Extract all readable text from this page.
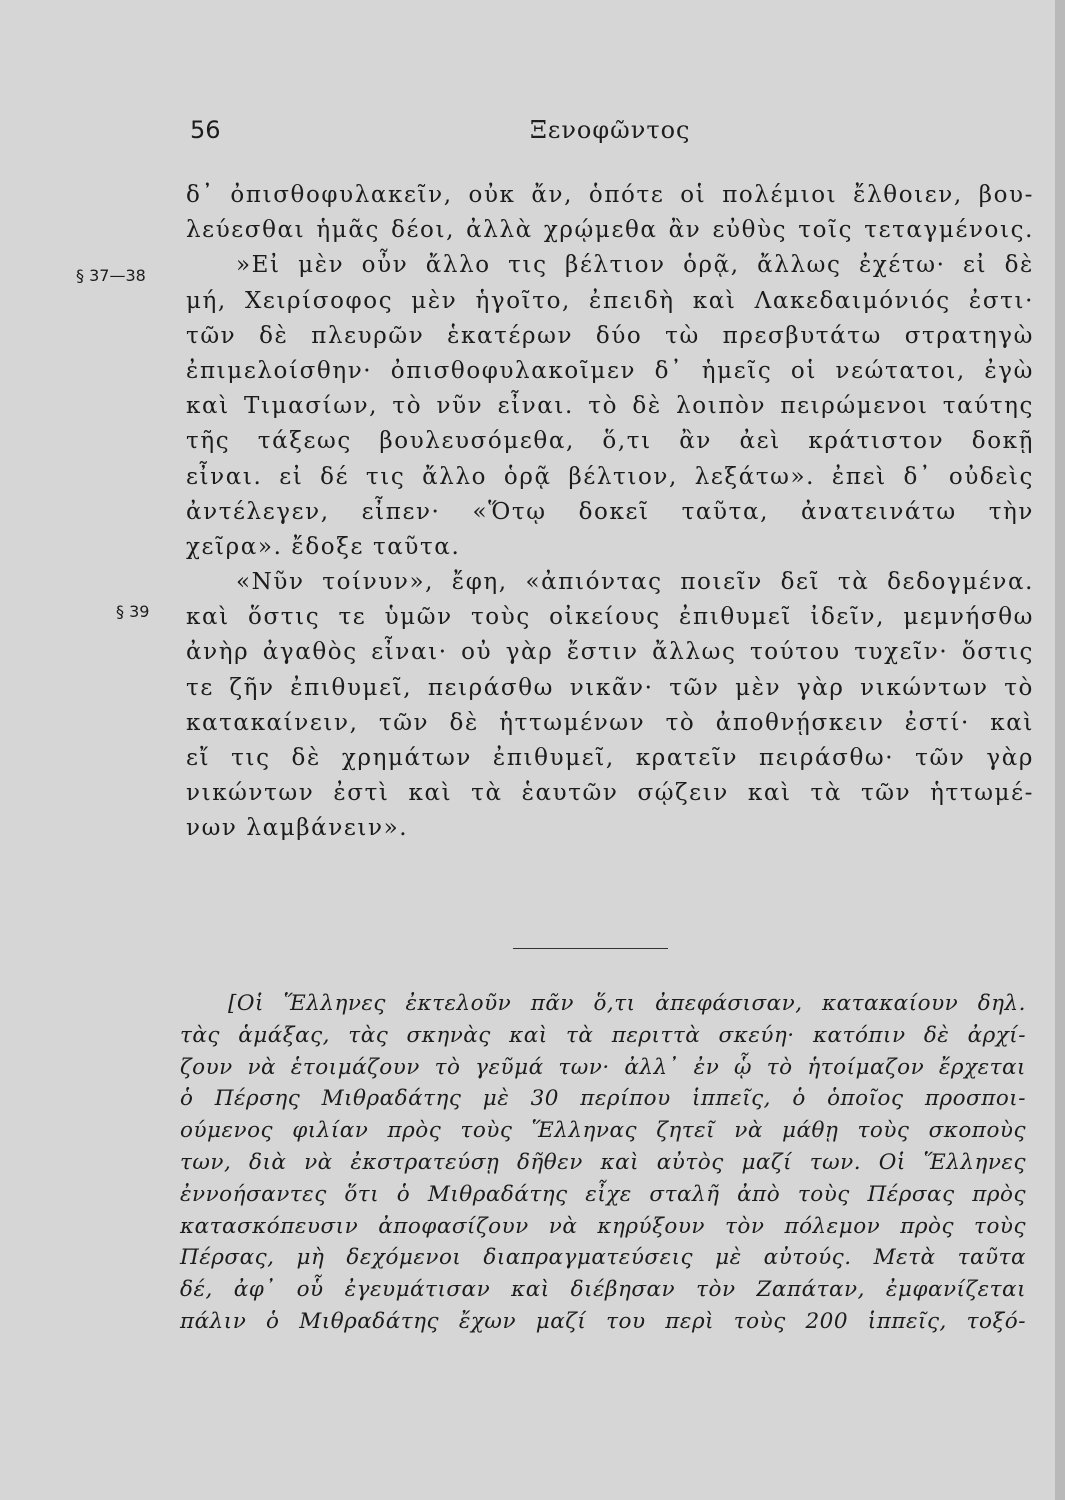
56	Ξενοφῶντος
§ 37—38
§ 39
δ᾽ ὀπισθοφυλακεῖν, οὐκ ἄν, ὁπότε οἱ πολέμιοι ἔλθοιεν, βου-
λεύεσθαι ἡμᾶς δέοι, ἀλλὰ χρῴμεθα ἂν εὐθὺς τοῖς τεταγμένοις.
»Εἰ μὲν οὖν ἄλλο τις βέλτιον ὁρᾷ, ἄλλως ἐχέτω· εἰ δὲ
μή, Χειρίσοφος μὲν ἡγοῖτο, ἐπειδὴ καὶ Λακεδαιμόνιός ἐστι·
τῶν δὲ πλευρῶν ἑκατέρων δύο τὼ πρεσβυτάτω στρατηγὼ
ἐπιμελοίσθην· ὀπισθοφυλακοῖμεν δ᾽ ἡμεῖς οἱ νεώτατοι, ἐγὼ
καὶ Τιμασίων, τὸ νῦν εἶναι. τὸ δὲ λοιπὸν πειρώμενοι ταύτης
τῆς τάξεως βουλευσόμεθα, ὅ,τι ἂν ἀεὶ κράτιστον δοκῇ
εἶναι. εἰ δέ τις ἄλλο ὁρᾷ βέλτιον, λεξάτω». ἐπεὶ δ᾽ οὐδεὶς
ἀντέλεγεν, εἶπεν· «Ὅτῳ δοκεῖ ταῦτα, ἀνατεινάτω τὴν
χεῖρα». ἔδοξε ταῦτα.
«Νῦν τοίνυν», ἔφη, «ἀπιόντας ποιεῖν δεῖ τὰ δεδογμένα.
καὶ ὅστις τε ὑμῶν τοὺς οἰκείους ἐπιθυμεῖ ἰδεῖν, μεμνήσθω
ἀνὴρ ἀγαθὸς εἶναι· οὐ γὰρ ἔστιν ἄλλως τούτου τυχεῖν· ὅστις
τε ζῆν ἐπιθυμεῖ, πειράσθω νικᾶν· τῶν μὲν γὰρ νικώντων τὸ
κατακαίνειν, τῶν δὲ ἡττωμένων τὸ ἀποθνῄσκειν ἐστί· καὶ
εἴ τις δὲ χρημάτων ἐπιθυμεῖ, κρατεῖν πειράσθω· τῶν γὰρ
νικώντων ἐστὶ καὶ τὰ ἑαυτῶν σῴζειν καὶ τὰ τῶν ἡττωμέ-
νων λαμβάνειν».
[Οἱ Ἕλληνες ἐκτελοῦν πᾶν ὅ,τι ἀπεφάσισαν, κατακαίουν δηλ.
τὰς ἁμάξας, τὰς σκηνὰς καὶ τὰ περιττὰ σκεύη· κατόπιν δὲ ἀρχί-
ζουν νὰ ἑτοιμάζουν τὸ γεῦμά των· ἀλλ᾽ ἐν ᾧ τὸ ἡτοίμαζον ἔρχεται
ὁ Πέρσης Μιθραδάτης μὲ 30 περίπου ἱππεῖς, ὁ ὁποῖος προσποι-
ούμενος φιλίαν πρὸς τοὺς Ἕλληνας ζητεῖ νὰ μάθῃ τοὺς σκοποὺς
των, διὰ νὰ ἐκστρατεύσῃ δῆθεν καὶ αὐτὸς μαζί των. Οἱ Ἕλληνες
ἐννοήσαντες ὅτι ὁ Μιθραδάτης εἶχε σταλῆ ἀπὸ τοὺς Πέρσας πρὸς
κατασκόπευσιν ἀποφασίζουν νὰ κηρύξουν τὸν πόλεμον πρὸς τοὺς
Πέρσας, μὴ δεχόμενοι διαπραγματεύσεις μὲ αὐτούς. Μετὰ ταῦτα
δέ, ἀφ᾽ οὗ ἐγευμάτισαν καὶ διέβησαν τὸν Ζαπάταν, ἐμφανίζεται
πάλιν ὁ Μιθραδάτης ἔχων μαζί του περὶ τοὺς 200 ἱππεῖς, τοξό-
